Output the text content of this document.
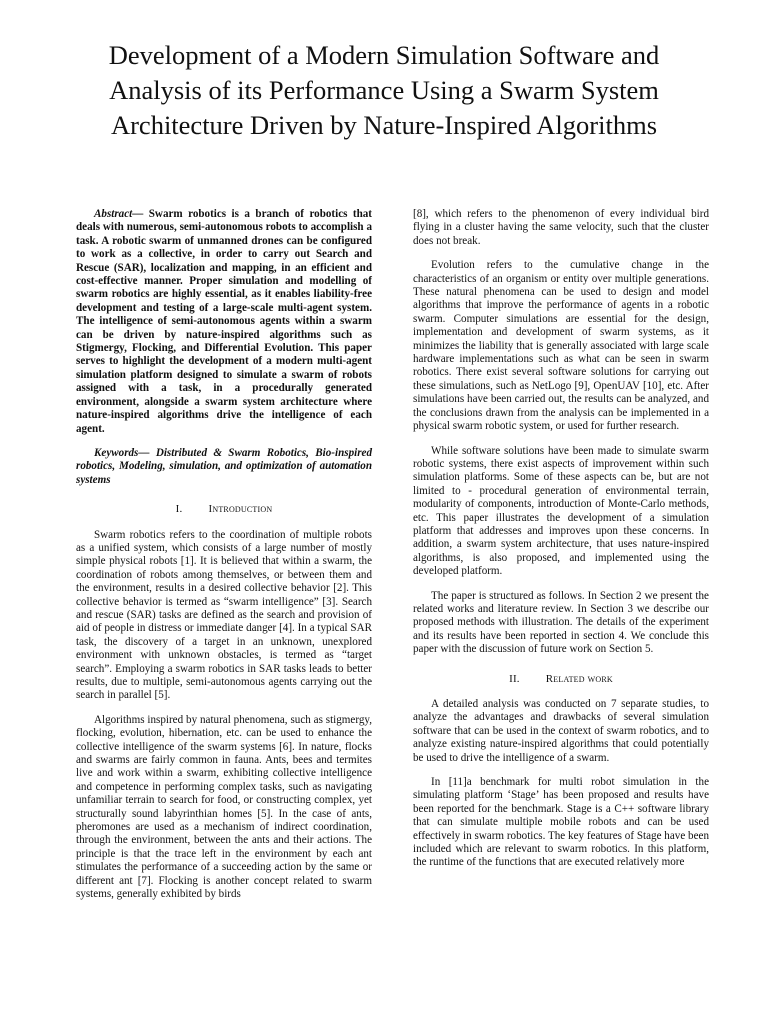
Development of a Modern Simulation Software and Analysis of its Performance Using a Swarm System Architecture Driven by Nature-Inspired Algorithms

Abstract— Swarm robotics is a branch of robotics that deals with numerous, semi-autonomous robots to accomplish a task. A robotic swarm of unmanned drones can be configured to work as a collective, in order to carry out Search and Rescue (SAR), localization and mapping, in an efficient and cost-effective manner. Proper simulation and modelling of swarm robotics are highly essential, as it enables liability-free development and testing of a large-scale multi-agent system. The intelligence of semi-autonomous agents within a swarm can be driven by nature-inspired algorithms such as Stigmergy, Flocking, and Differential Evolution. This paper serves to highlight the development of a modern multi-agent simulation platform designed to simulate a swarm of robots assigned with a task, in a procedurally generated environment, alongside a swarm system architecture where nature-inspired algorithms drive the intelligence of each agent.

Keywords— Distributed & Swarm Robotics, Bio-inspired robotics, Modeling, simulation, and optimization of automation systems

I. Introduction

Swarm robotics refers to the coordination of multiple robots as a unified system, which consists of a large number of mostly simple physical robots [1]. It is believed that within a swarm, the coordination of robots among themselves, or between them and the environment, results in a desired collective behavior [2]. This collective behavior is termed as “swarm intelligence” [3]. Search and rescue (SAR) tasks are defined as the search and provision of aid of people in distress or immediate danger [4]. In a typical SAR task, the discovery of a target in an unknown, unexplored environment with unknown obstacles, is termed as “target search”. Employing a swarm robotics in SAR tasks leads to better results, due to multiple, semi-autonomous agents carrying out the search in parallel [5].

Algorithms inspired by natural phenomena, such as stigmergy, flocking, evolution, hibernation, etc. can be used to enhance the collective intelligence of the swarm systems [6]. In nature, flocks and swarms are fairly common in fauna. Ants, bees and termites live and work within a swarm, exhibiting collective intelligence and competence in performing complex tasks, such as navigating unfamiliar terrain to search for food, or constructing complex, yet structurally sound labyrinthian homes [5]. In the case of ants, pheromones are used as a mechanism of indirect coordination, through the environment, between the ants and their actions. The principle is that the trace left in the environment by each ant stimulates the performance of a succeeding action by the same or different ant [7]. Flocking is another concept related to swarm systems, generally exhibited by birds

[8], which refers to the phenomenon of every individual bird flying in a cluster having the same velocity, such that the cluster does not break.

Evolution refers to the cumulative change in the characteristics of an organism or entity over multiple generations. These natural phenomena can be used to design and model algorithms that improve the performance of agents in a robotic swarm. Computer simulations are essential for the design, implementation and development of swarm systems, as it minimizes the liability that is generally associated with large scale hardware implementations such as what can be seen in swarm robotics. There exist several software solutions for carrying out these simulations, such as NetLogo [9], OpenUAV [10], etc. After simulations have been carried out, the results can be analyzed, and the conclusions drawn from the analysis can be implemented in a physical swarm robotic system, or used for further research.

While software solutions have been made to simulate swarm robotic systems, there exist aspects of improvement within such simulation platforms. Some of these aspects can be, but are not limited to - procedural generation of environmental terrain, modularity of components, introduction of Monte-Carlo methods, etc. This paper illustrates the development of a simulation platform that addresses and improves upon these concerns. In addition, a swarm system architecture, that uses nature-inspired algorithms, is also proposed, and implemented using the developed platform.

The paper is structured as follows. In Section 2 we present the related works and literature review. In Section 3 we describe our proposed methods with illustration. The details of the experiment and its results have been reported in section 4. We conclude this paper with the discussion of future work on Section 5.

II. Related work

A detailed analysis was conducted on 7 separate studies, to analyze the advantages and drawbacks of several simulation software that can be used in the context of swarm robotics, and to analyze existing nature-inspired algorithms that could potentially be used to drive the intelligence of a swarm.

In [11]a benchmark for multi robot simulation in the simulating platform ‘Stage’ has been proposed and results have been reported for the benchmark. Stage is a C++ software library that can simulate multiple mobile robots and can be used effectively in swarm robotics. The key features of Stage have been included which are relevant to swarm robotics. In this platform, the runtime of the functions that are executed relatively more
